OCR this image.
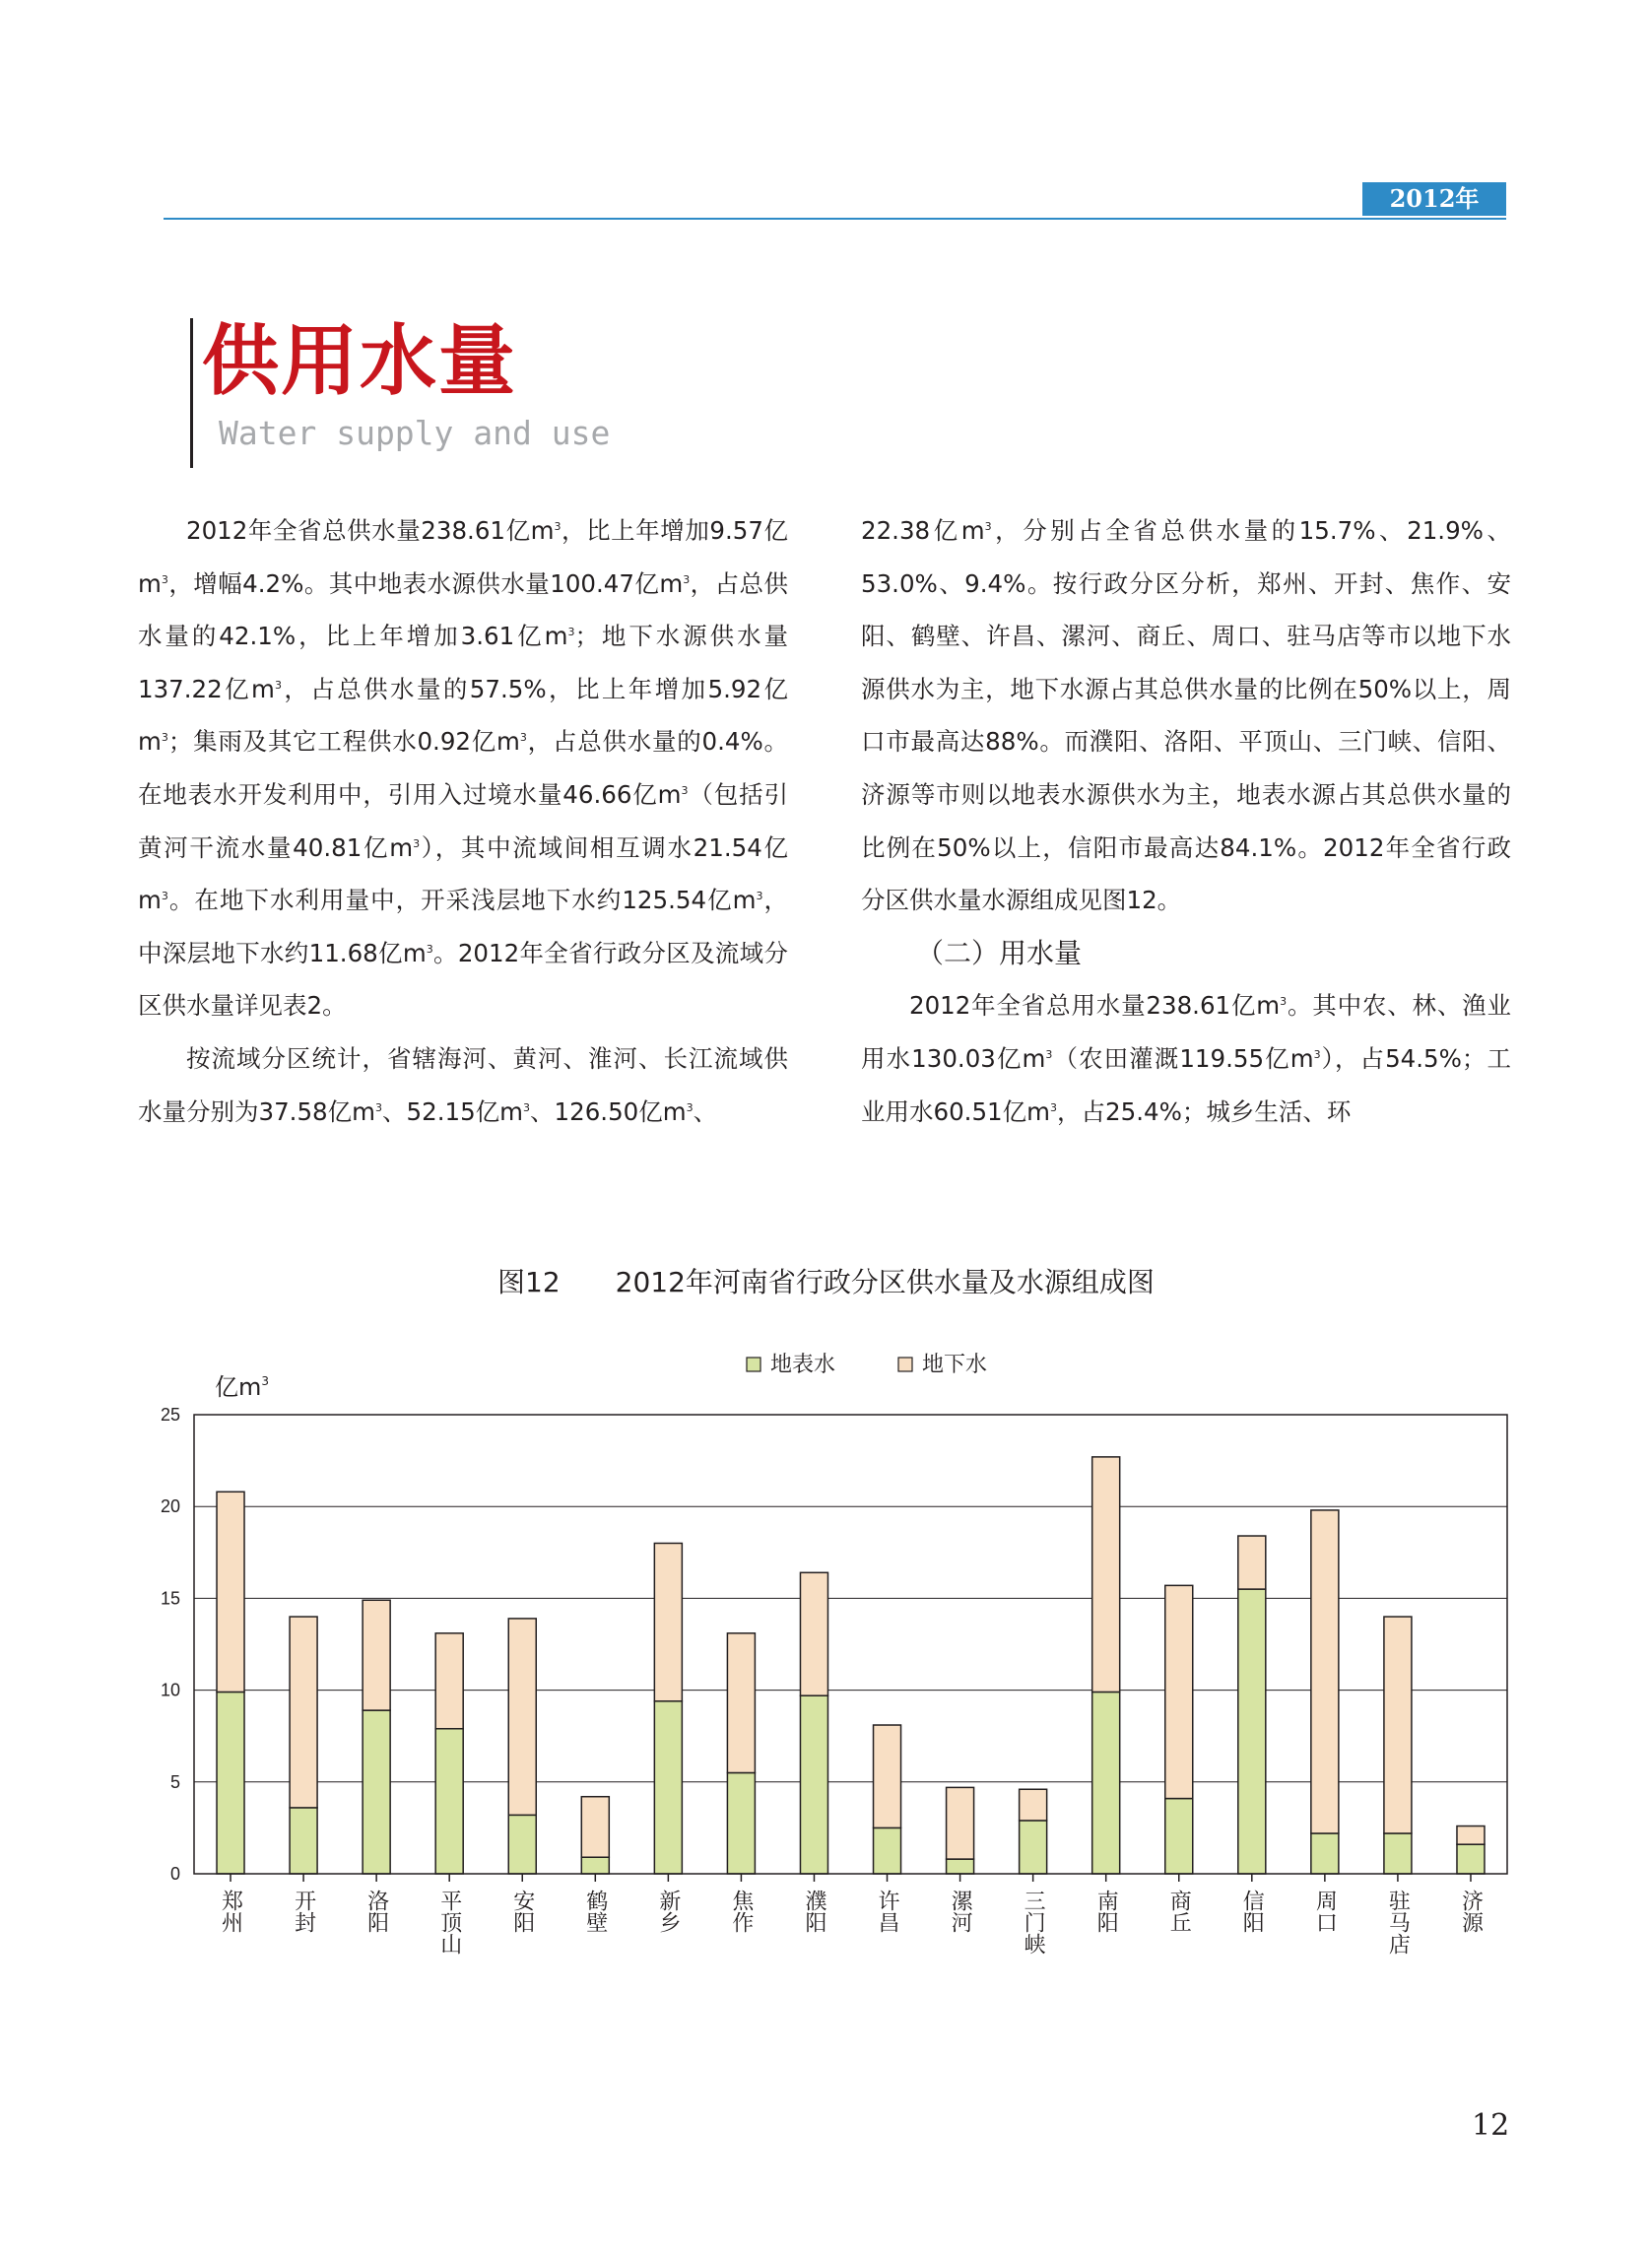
2012年
供用水量
Water supply and use

2012年全省总供水量238.61亿$m^3$，比上年增加9.57亿$m^3$，增幅4.2%。其中地表水源供水量100.47亿$m^3$，占总供水量的42.1%，比上年增加3.61亿$m^3$；地下水源供水量137.22亿$m^3$，占总供水量的57.5%，比上年增加5.92亿$m^3$；集雨及其它工程供水0.92亿$m^3$，占总供水量的0.4%。在地表水开发利用中，引用入过境水量46.66亿$m^3$（包括引黄河干流水量40.81亿$m^3$），其中流域间相互调水21.54亿$m^3$。在地下水利用量中，开采浅层地下水约125.54亿$m^3$，中深层地下水约11.68亿$m^3$。2012年全省行政分区及流域分区供水量详见表2。

按流域分区统计，省辖海河、黄河、淮河、长江流域供水量分别为37.58亿$m^3$、52.15亿$m^3$、126.50亿$m^3$、

22.38亿$m^3$，分别占全省总供水量的15.7%、21.9%、53.0%、9.4%。按行政分区分析，郑州、开封、焦作、安阳、鹤壁、许昌、漯河、商丘、周口、驻马店等市以地下水源供水为主，地下水源占其总供水量的比例在50%以上，周口市最高达88%。而濮阳、洛阳、平顶山、三门峡、信阳、济源等市则以地表水源供水为主，地表水源占其总供水量的比例在50%以上，信阳市最高达84.1%。2012年全省行政分区供水量水源组成见图12。

（二）用水量

2012年全省总用水量238.61亿$m^3$。其中农、林、渔业用水130.03亿$m^3$（农田灌溉119.55亿$m^3$），占54.5%；工业用水60.51亿$m^3$，占25.4%；城乡生活、环

图12　　2012年河南省行政分区供水量及水源组成图
0
5
10
15
20
25
亿$m^3$
郑州 开封 洛阳 平顶山 安阳 鹤壁 新乡 焦作 濮阳 许昌 漯河 三门峡 南阳 商丘 信阳 周口 驻马店 济源
地表水	地下水
12
